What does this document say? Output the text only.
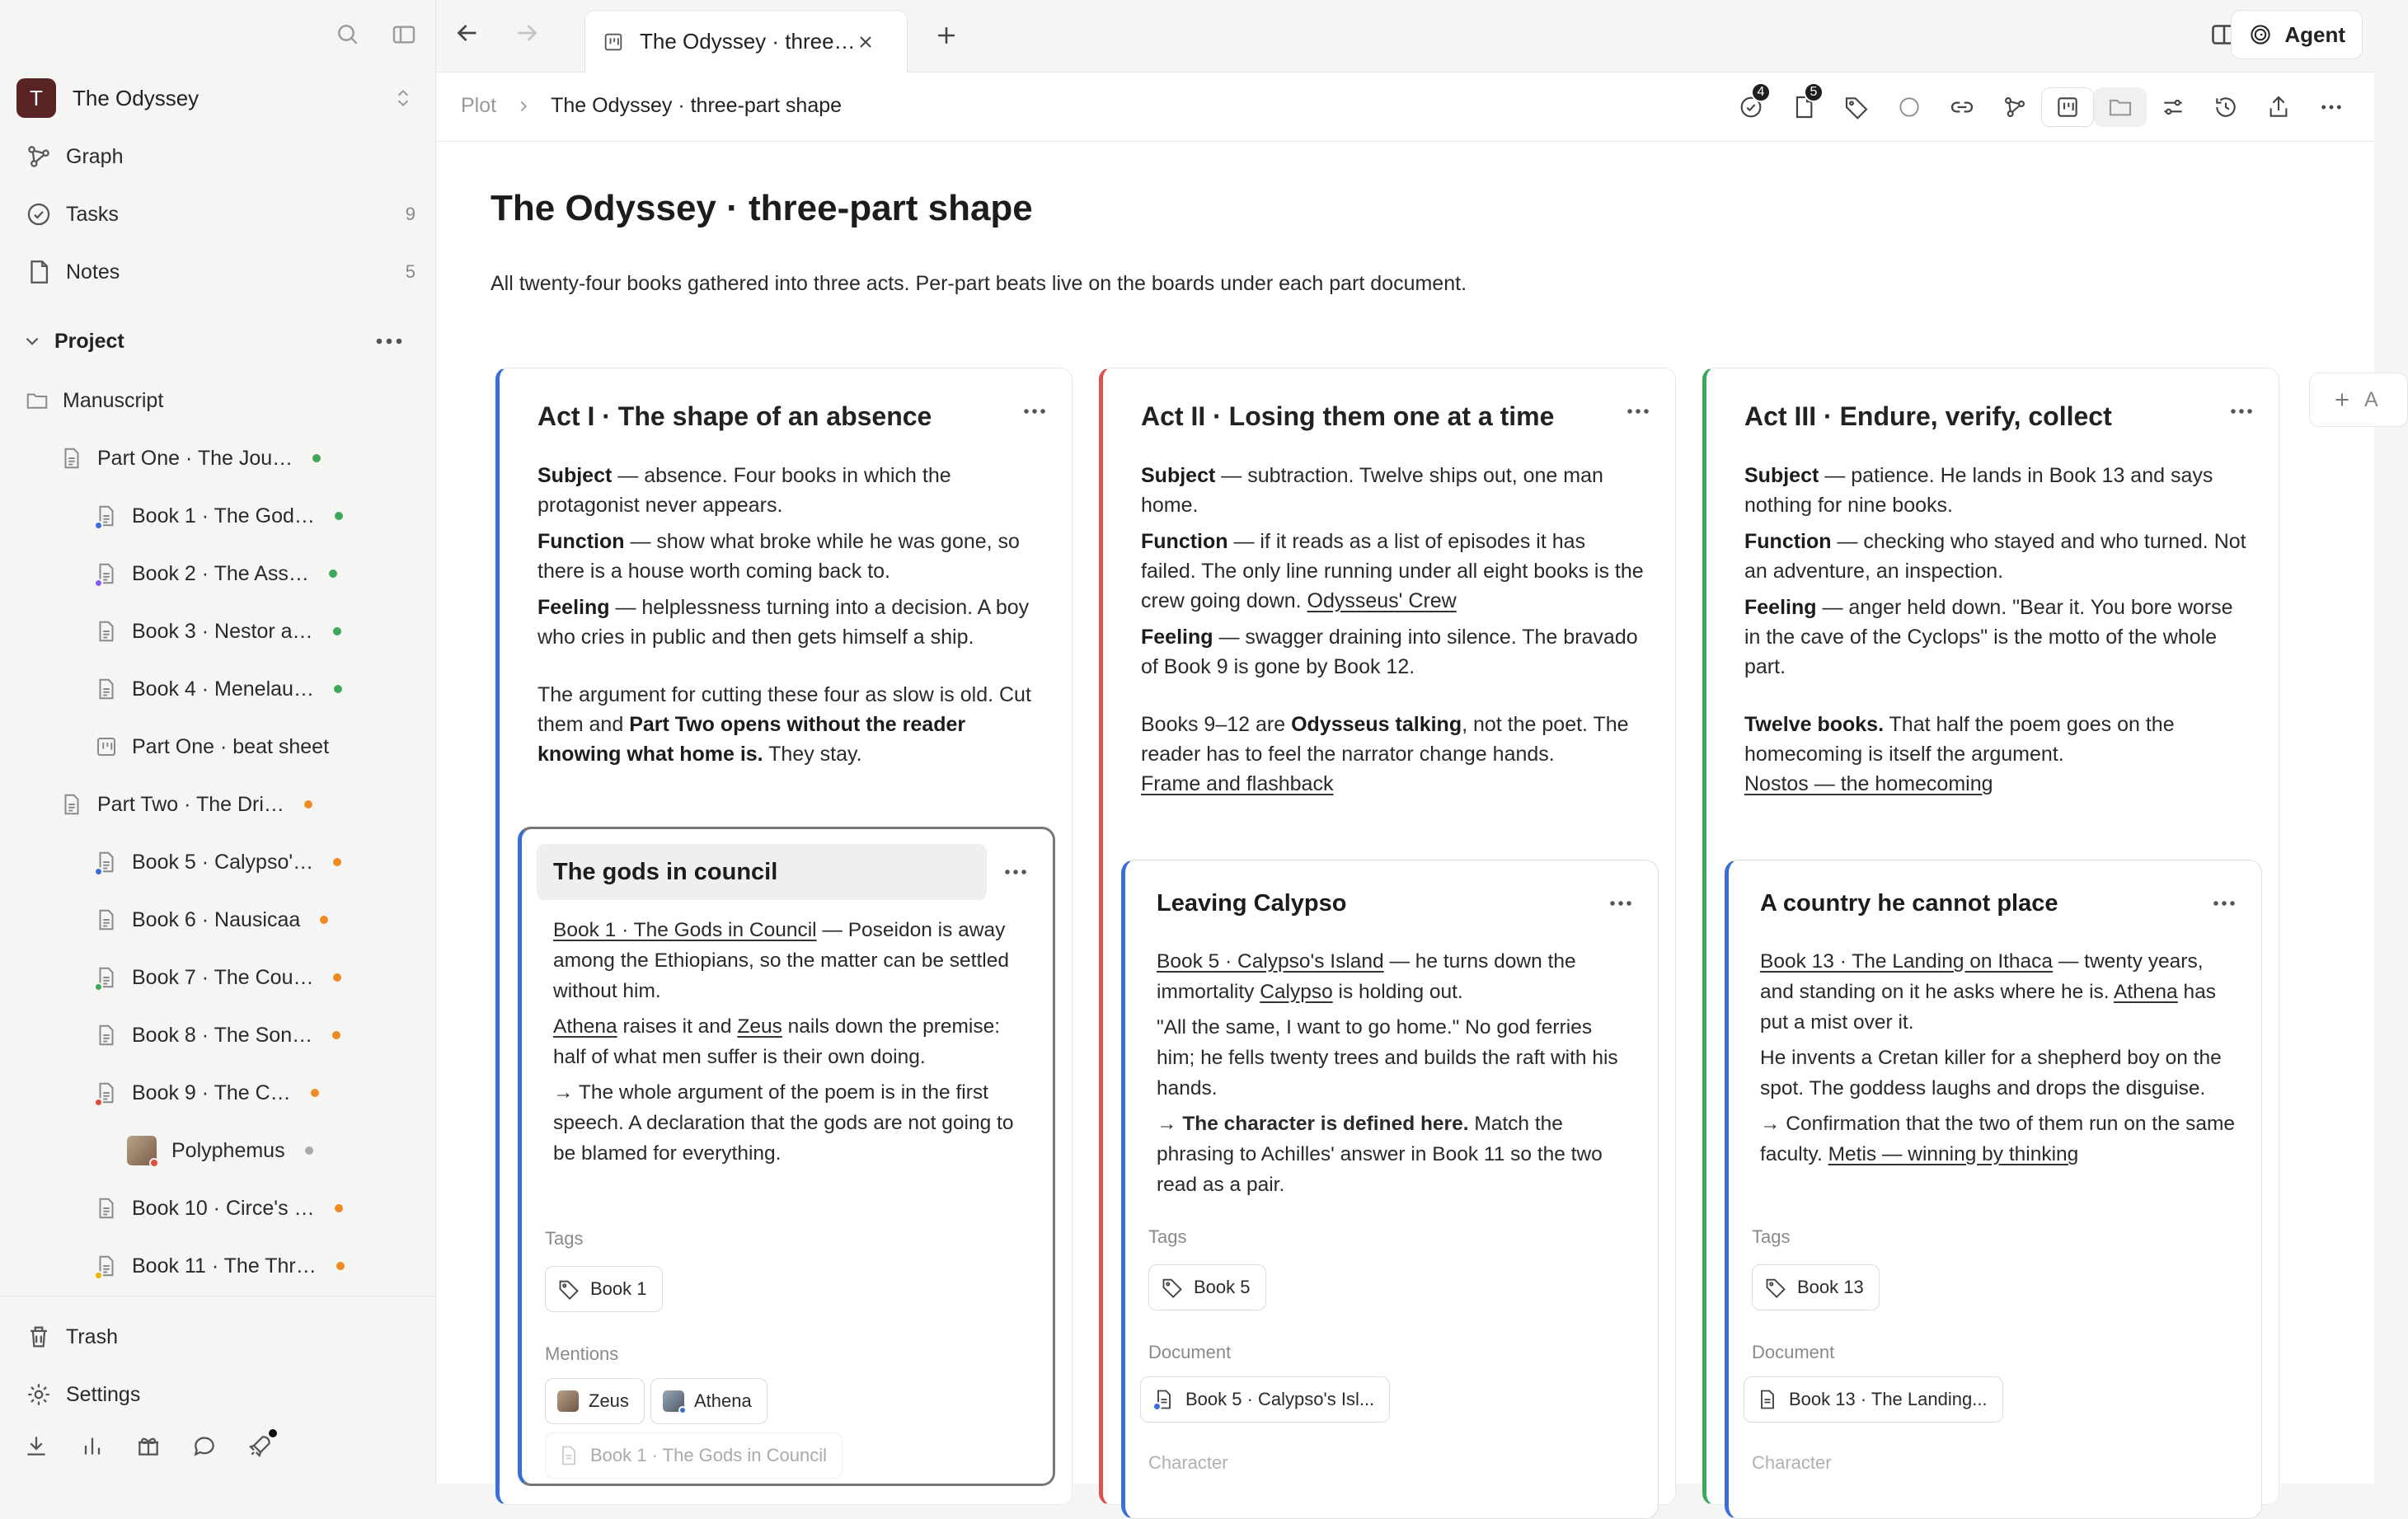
T	The Odyssey
Graph
Tasks	9
Notes	5
Project
Manuscript
Part One · The Jou…
Book 1 · The God…
Book 2 · The Ass…
Book 3 · Nestor a…
Book 4 · Menelau…
Part One · beat sheet
Part Two · The Dri…
Book 5 · Calypso'…
Book 6 · Nausicaa
Book 7 · The Cou…
Book 8 · The Son…
Book 9 · The C…
Polyphemus
Book 10 · Circe's …
Book 11 · The Thr…
Trash
Settings
The Odyssey · three…	Agent
Plot	The Odyssey · three-part shape
4	5
The Odyssey · three-part shape

All twenty-four books gathered into three acts. Per-part beats live on the boards under each part document.

Act I · The shape of an absence

Subject — absence. Four books in which the protagonist never appears.

Function — show what broke while he was gone, so there is a house worth coming back to.

Feeling — helplessness turning into a decision. A boy who cries in public and then gets himself a ship.

The argument for cutting these four as slow is old. Cut them and Part Two opens without the reader knowing what home is. They stay.

The gods in council

Book 1 · The Gods in Council — Poseidon is away among the Ethiopians, so the matter can be settled without him.

Athena raises it and Zeus nails down the premise: half of what men suffer is their own doing.

→ The whole argument of the poem is in the first speech. A declaration that the gods are not going to be blamed for everything.

Tags
Book 1
Mentions
Zeus	Athena
Book 1 · The Gods in Council
Act II · Losing them one at a time

Subject — subtraction. Twelve ships out, one man home.

Function — if it reads as a list of episodes it has failed. The only line running under all eight books is the crew going down. Odysseus' Crew

Feeling — swagger draining into silence. The bravado of Book 9 is gone by Book 12.

Books 9–12 are Odysseus talking, not the poet. The reader has to feel the narrator change hands.
Frame and flashback

Leaving Calypso

Book 5 · Calypso's Island — he turns down the immortality Calypso is holding out.

"All the same, I want to go home." No god ferries him; he fells twenty trees and builds the raft with his hands.

→ The character is defined here. Match the phrasing to Achilles' answer in Book 11 so the two read as a pair.

Tags
Book 5
Document
Book 5 · Calypso's Isl...
Character
Act III · Endure, verify, collect

Subject — patience. He lands in Book 13 and says nothing for nine books.

Function — checking who stayed and who turned. Not an adventure, an inspection.

Feeling — anger held down. "Bear it. You bore worse in the cave of the Cyclops" is the motto of the whole part.

Twelve books. That half the poem goes on the homecoming is itself the argument.
Nostos — the homecoming

A country he cannot place

Book 13 · The Landing on Ithaca — twenty years, and standing on it he asks where he is. Athena has put a mist over it.

He invents a Cretan killer for a shepherd boy on the spot. The goddess laughs and drops the disguise.

→ Confirmation that the two of them run on the same faculty. Metis — winning by thinking

Tags
Book 13
Document
Book 13 · The Landing...
Character
A
